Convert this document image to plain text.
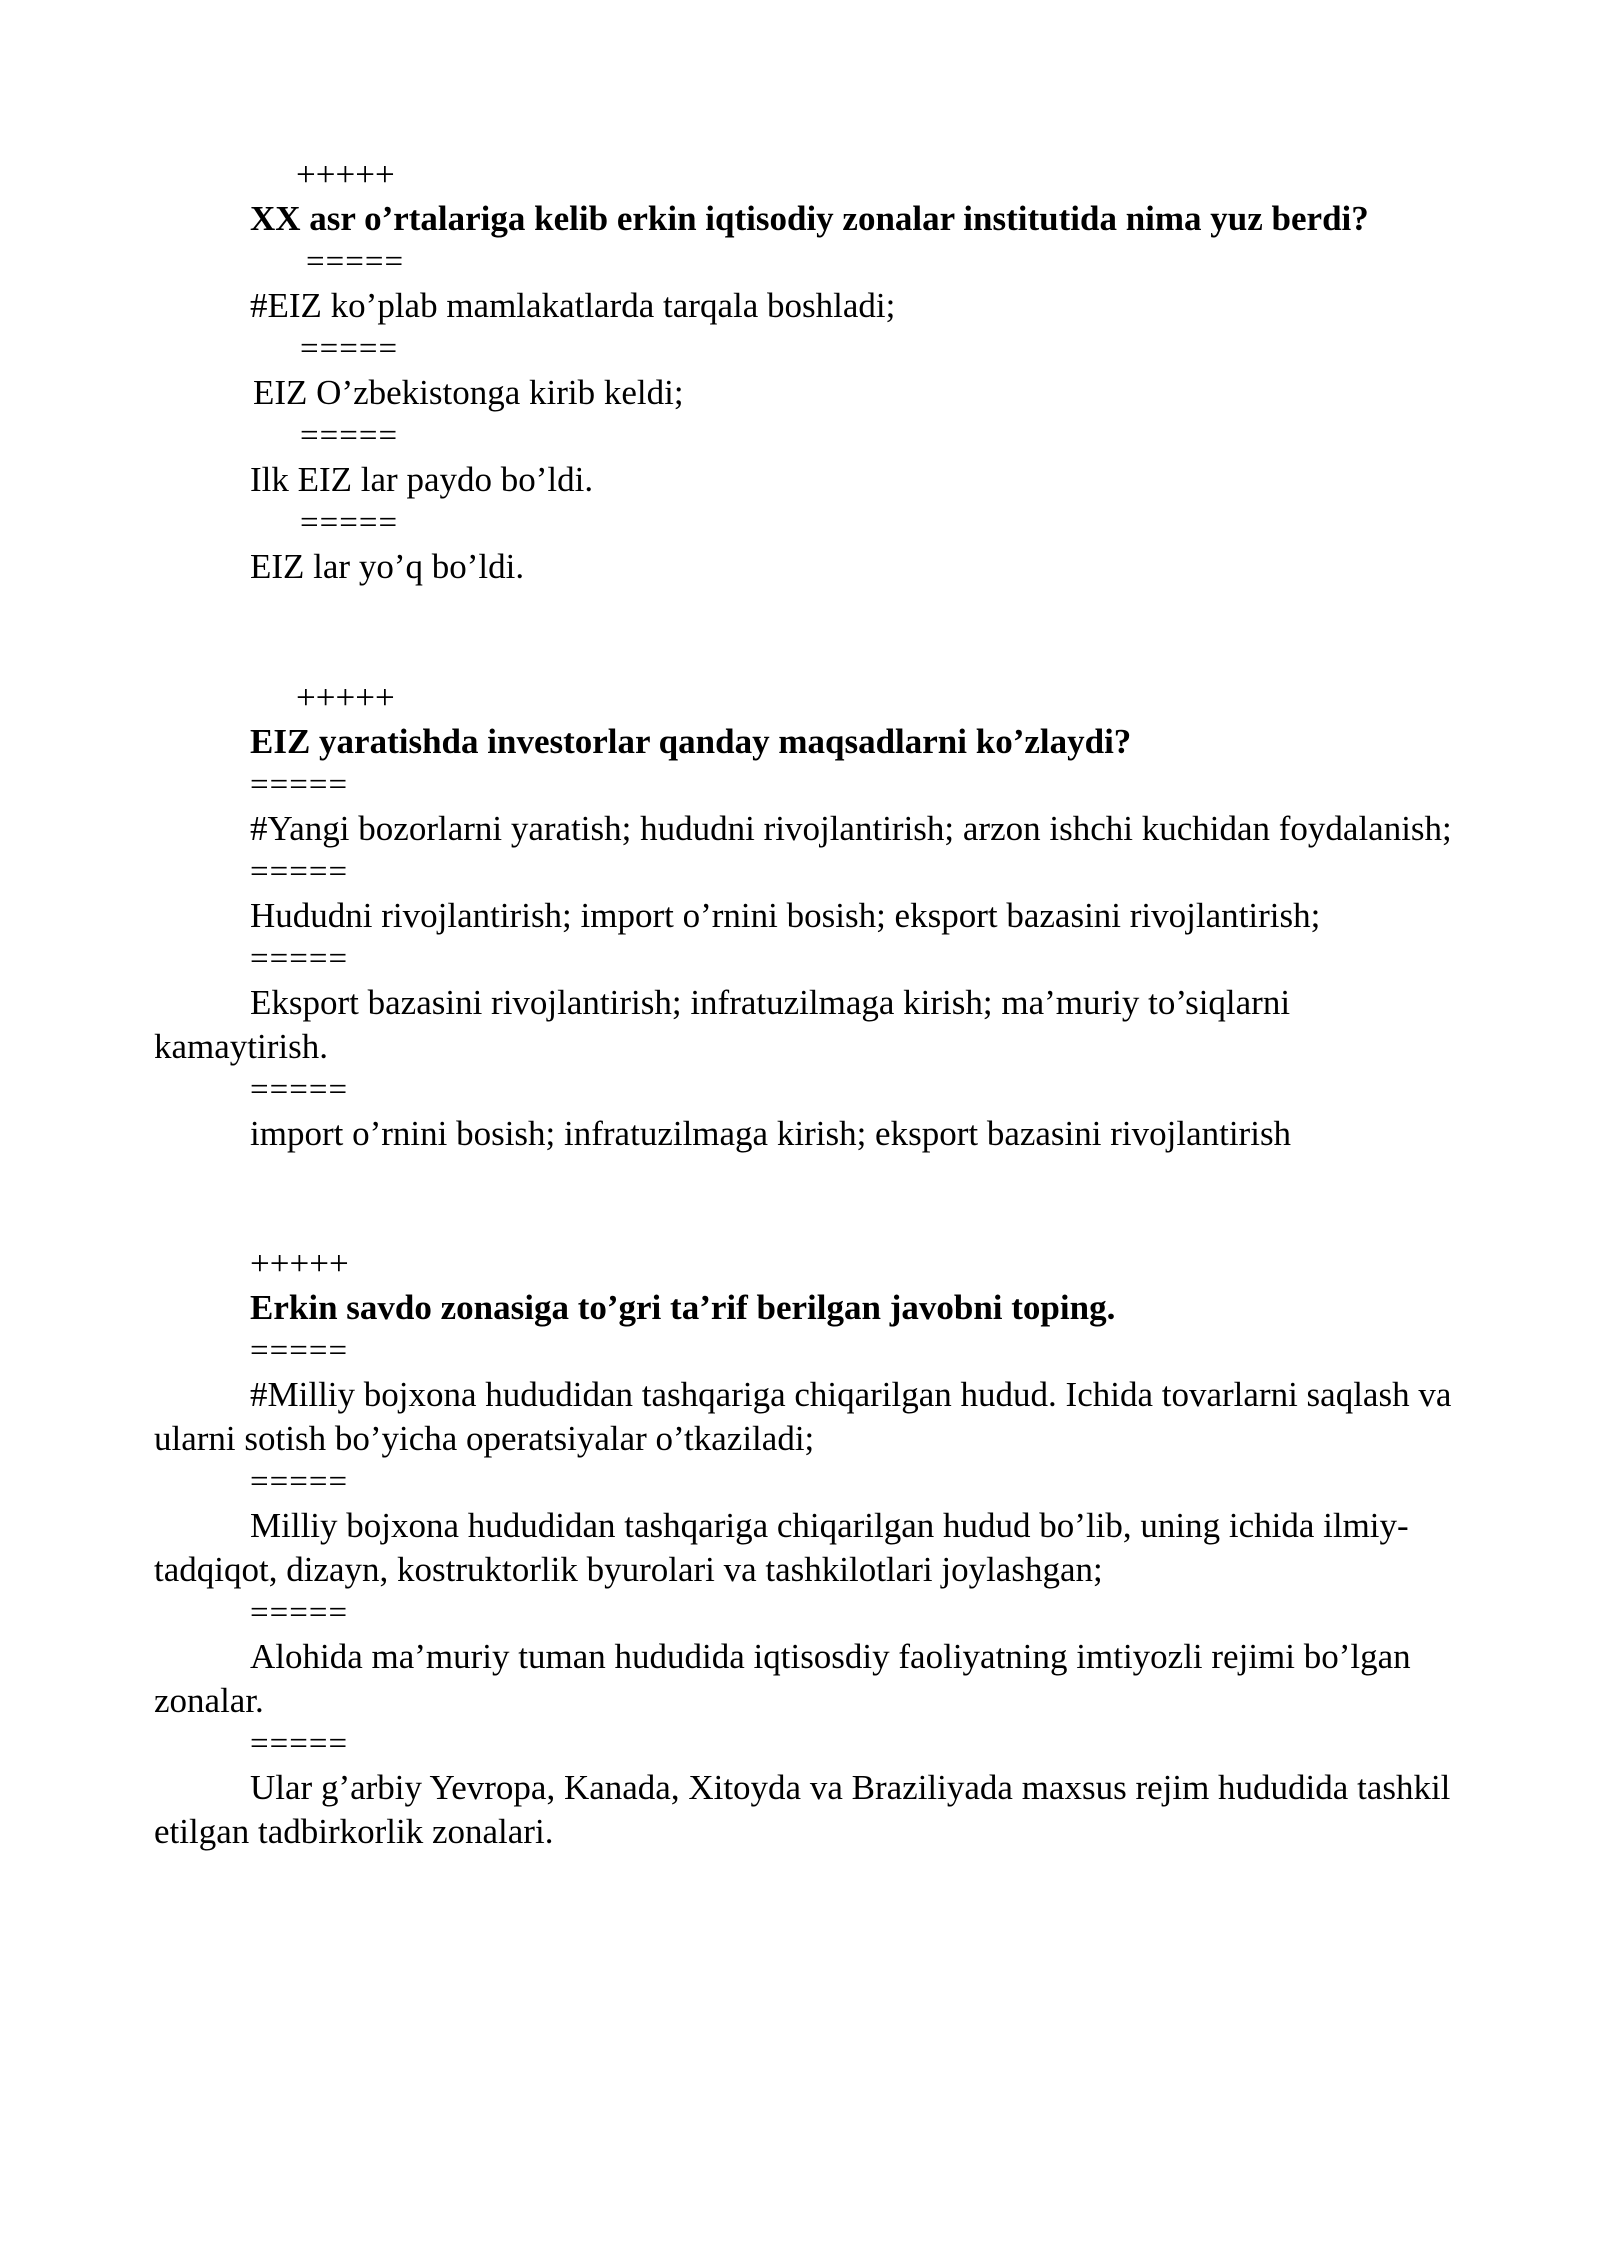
+++++

XX asr o’rtalariga kelib erkin iqtisodiy zonalar institutida nima yuz berdi?

=====

#EIZ ko’plab mamlakatlarda tarqala boshladi;

=====

EIZ O’zbekistonga kirib keldi;

=====

Ilk EIZ lar paydo bo’ldi.

=====

EIZ lar yo’q bo’ldi.

+++++

EIZ yaratishda investorlar qanday maqsadlarni ko’zlaydi?

=====

#Yangi bozorlarni yaratish; hududni rivojlantirish; arzon ishchi kuchidan foydalanish;

=====

Hududni rivojlantirish; import o’rnini bosish; eksport bazasini rivojlantirish;

=====

Eksport bazasini rivojlantirish; infratuzilmaga kirish; ma’muriy to’siqlarni kamaytirish.

=====

import o’rnini bosish; infratuzilmaga kirish; eksport bazasini rivojlantirish

+++++

Erkin savdo zonasiga to’gri ta’rif berilgan javobni toping.

=====

#Milliy bojxona hududidan tashqariga chiqarilgan hudud. Ichida tovarlarni saqlash va ularni sotish bo’yicha operatsiyalar o’tkaziladi;

=====

Milliy bojxona hududidan tashqariga chiqarilgan hudud bo’lib, uning ichida ilmiy- tadqiqot, dizayn, kostruktorlik byurolari va tashkilotlari joylashgan;

=====

Alohida ma’muriy tuman hududida iqtisosdiy faoliyatning imtiyozli rejimi bo’lgan zonalar.

=====

Ular g’arbiy Yevropa, Kanada, Xitoyda va Braziliyada maxsus rejim hududida tashkil etilgan tadbirkorlik zonalari.
